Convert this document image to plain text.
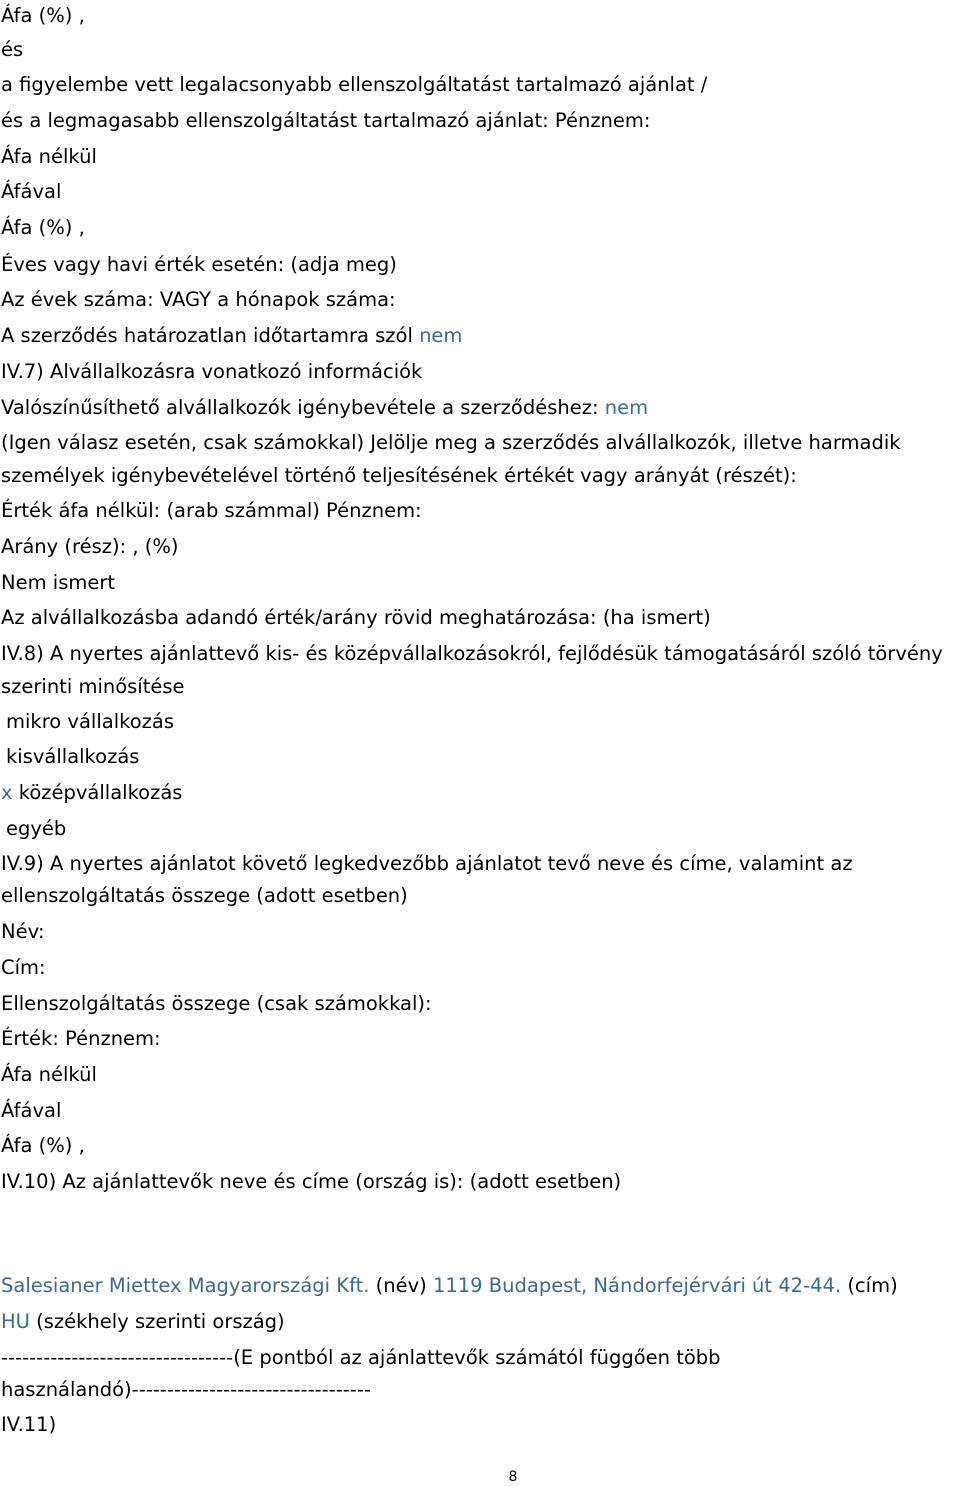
Áfa (%) ,
és
a figyelembe vett legalacsonyabb ellenszolgáltatást tartalmazó ajánlat /
és a legmagasabb ellenszolgáltatást tartalmazó ajánlat: Pénznem:
Áfa nélkül
Áfával
Áfa (%) ,
Éves vagy havi érték esetén: (adja meg)
Az évek száma: VAGY a hónapok száma:
A szerződés határozatlan időtartamra szól nem
IV.7) Alvállalkozásra vonatkozó információk
Valószínűsíthető alvállalkozók igénybevétele a szerződéshez: nem
(Igen válasz esetén, csak számokkal) Jelölje meg a szerződés alvállalkozók, illetve harmadik
személyek igénybevételével történő teljesítésének értékét vagy arányát (részét):
Érték áfa nélkül: (arab számmal) Pénznem:
Arány (rész): , (%)
Nem ismert
Az alvállalkozásba adandó érték/arány rövid meghatározása: (ha ismert)
IV.8) A nyertes ajánlattevő kis- és középvállalkozásokról, fejlődésük támogatásáról szóló törvény
szerinti minősítése
mikro vállalkozás
kisvállalkozás
x középvállalkozás
egyéb
IV.9) A nyertes ajánlatot követő legkedvezőbb ajánlatot tevő neve és címe, valamint az
ellenszolgáltatás összege (adott esetben)
Név:
Cím:
Ellenszolgáltatás összege (csak számokkal):
Érték: Pénznem:
Áfa nélkül
Áfával
Áfa (%) ,
IV.10) Az ajánlattevők neve és címe (ország is): (adott esetben)
Salesianer Miettex Magyarországi Kft. (név) 1119 Budapest, Nándorfejérvári út 42-44. (cím)
HU (székhely szerinti ország)
---------------------------------(E pontból az ajánlattevők számától függően több
használandó)----------------------------------
IV.11)
8
